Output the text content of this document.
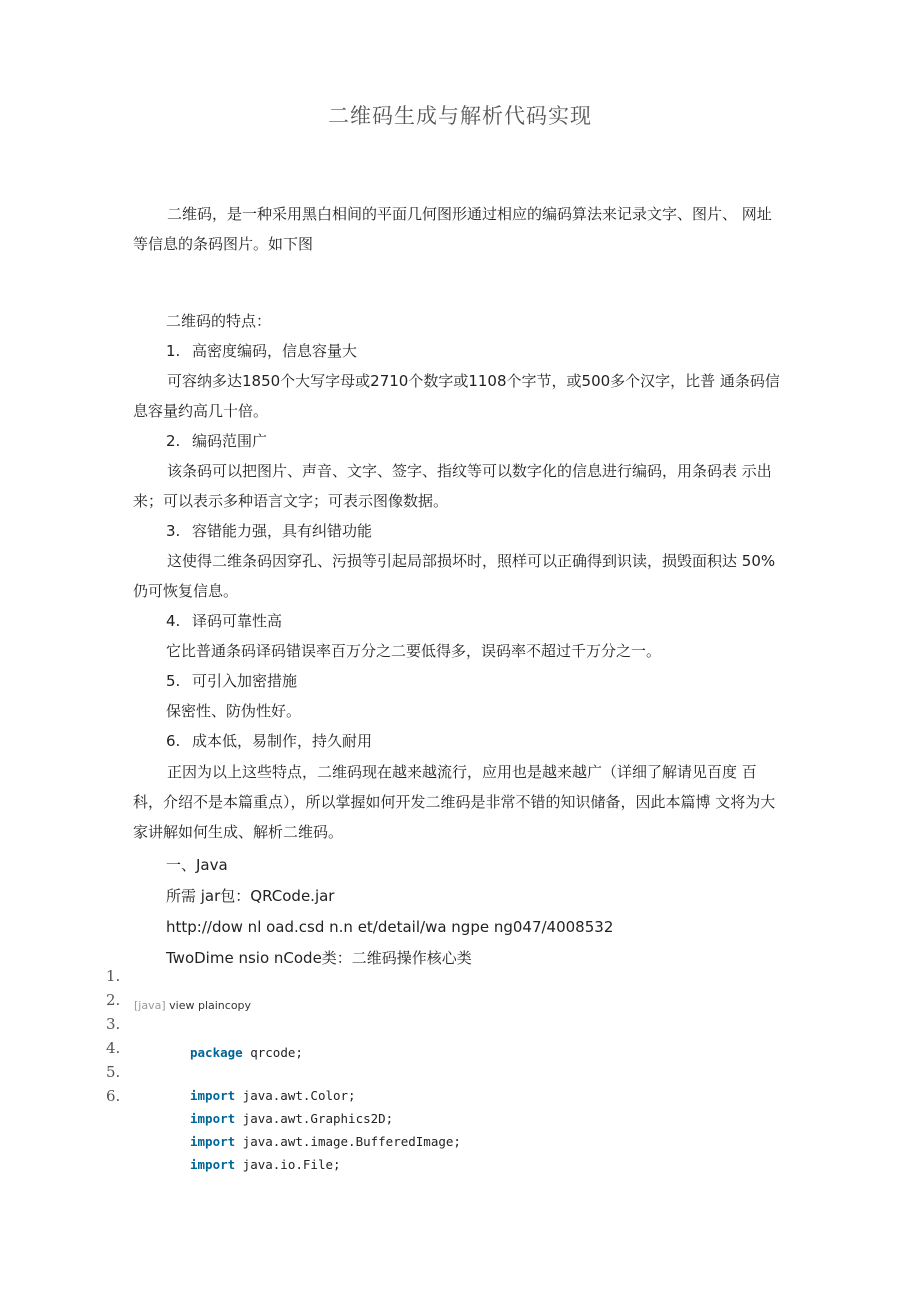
二维码生成与解析代码实现
二维码，是一种采用黑白相间的平面几何图形通过相应的编码算法来记录文字、图片、 网址等信息的条码图片。如下图
二维码的特点：
1. 高密度编码，信息容量大
可容纳多达1850个大写字母或2710个数字或1108个字节，或500多个汉字，比普 通条码信息容量约高几十倍。
2. 编码范围广
该条码可以把图片、声音、文字、签字、指纹等可以数字化的信息进行编码，用条码表 示出来；可以表示多种语言文字；可表示图像数据。
3. 容错能力强，具有纠错功能
这使得二维条码因穿孔、污损等引起局部损坏时，照样可以正确得到识读，损毁面积达 50%仍可恢复信息。
4. 译码可靠性高
它比普通条码译码错误率百万分之二要低得多，误码率不超过千万分之一。
5. 可引入加密措施
保密性、防伪性好。
6. 成本低，易制作，持久耐用
正因为以上这些特点，二维码现在越来越流行，应用也是越来越广（详细了解请见百度 百科，介绍不是本篇重点），所以掌握如何开发二维码是非常不错的知识储备，因此本篇博 文将为大家讲解如何生成、解析二维码。
一、Java
所需 jar包：QRCode.jar
http://dow nl oad.csd n.n et/detail/wa ngpe ng047/4008532
TwoDime nsio nCode类：二维码操作核心类
1.
2.
3.
4.
5.
6.
[java] view plaincopy
package qrcode;
import java.awt.Color;
import java.awt.Graphics2D;
import java.awt.image.BufferedImage;
import java.io.File;
